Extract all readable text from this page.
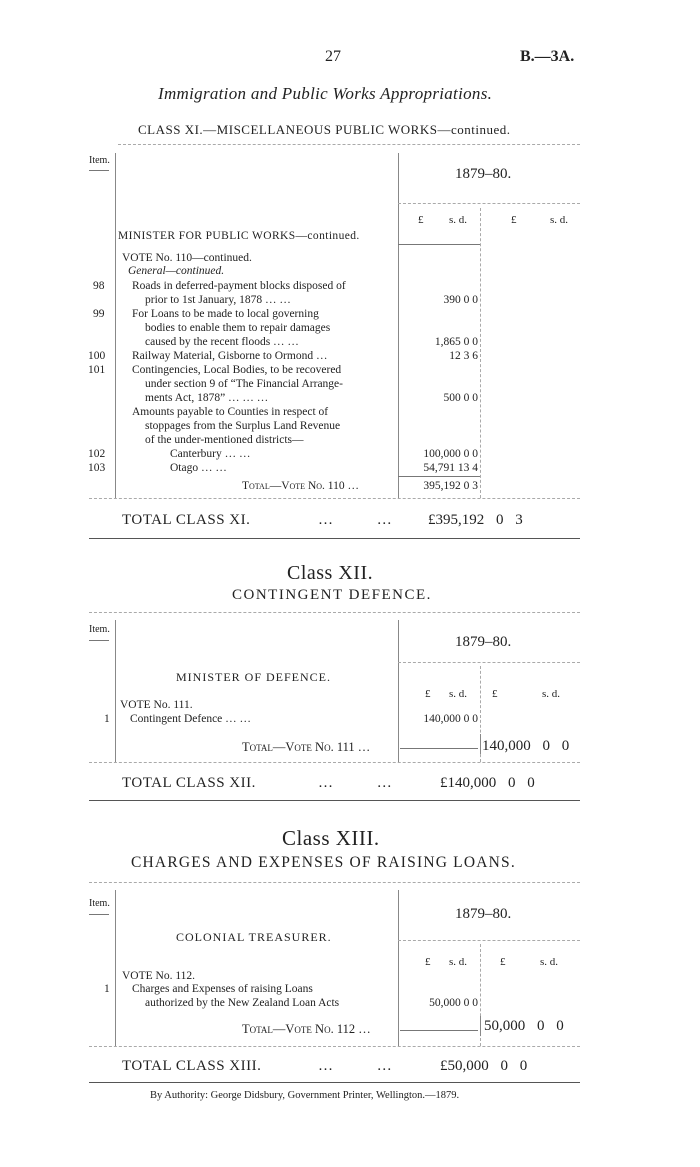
27	B.—3A.
Immigration and Public Works Appropriations.
CLASS XI.—MISCELLANEOUS PUBLIC WORKS—continued.
Item.
1879–80.
£ s. d.	£	s. d.
MINISTER FOR PUBLIC WORKS—continued.
VOTE No. 110—continued.
General—continued.
98 Roads in deferred-payment blocks disposed of
prior to 1st January, 1878 … …	390 0 0
99 For Loans to be made to local governing
bodies to enable them to repair damages
caused by the recent floods … …	1,865 0 0
100 Railway Material, Gisborne to Ormond …	12 3 6
101 Contingencies, Local Bodies, to be recovered
under section 9 of “The Financial Arrange-
ments Act, 1878” … … …	500 0 0
Amounts payable to Counties in respect of
stoppages from the Surplus Land Revenue
of the under-mentioned districts—
102	Canterbury … …	100,000 0 0
103	Otago … …	54,791 13 4
Total—Vote No. 110 …	395,192 0 3
TOTAL CLASS XI.	… … £395,192 0 3
Class XII.
CONTINGENT DEFENCE.
Item.
1879–80.
MINISTER OF DEFENCE.
£ s. d. £	s. d.
VOTE No. 111.
1 Contingent Defence … …	140,000 0 0
Total—Vote No. 111 …	140,000 0 0
TOTAL CLASS XII.	… …	£140,000 0 0
Class XIII.
CHARGES AND EXPENSES OF RAISING LOANS.
Item.
1879–80.
COLONIAL TREASURER.
£ s. d.	£	s. d.
VOTE No. 112.
1 Charges and Expenses of raising Loans
authorized by the New Zealand Loan Acts	50,000 0 0
Total—Vote No. 112 …	50,000 0 0
TOTAL CLASS XIII.	… …	£50,000 0 0
By Authority: George Didsbury, Government Printer, Wellington.—1879.
